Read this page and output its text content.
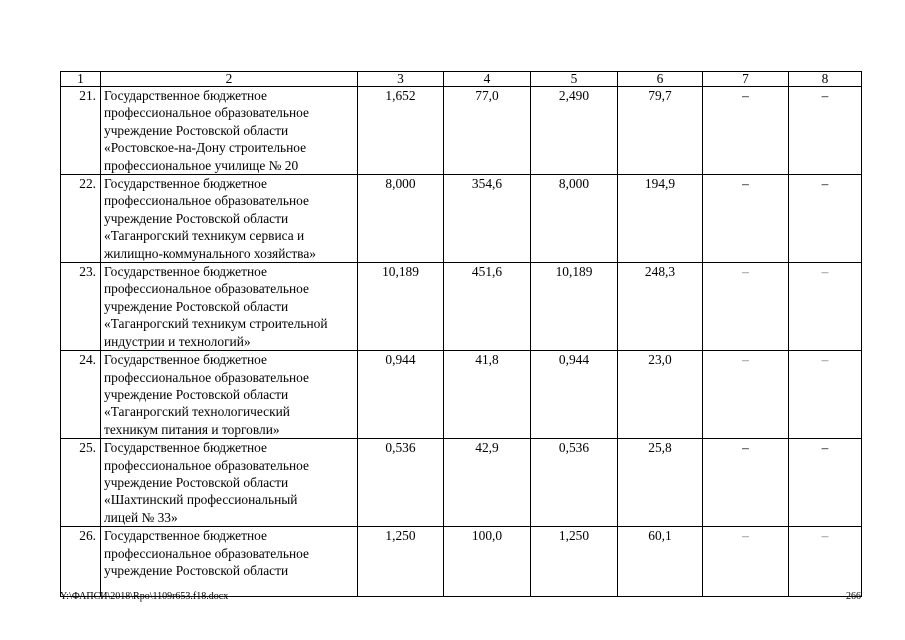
1	2	3	4	5	6	7	8
21.	Государственное бюджетное
профессиональное образовательное
учреждение Ростовской области
«Ростовское-на-Дону строительное
профессиональное училище № 20	1,652	77,0	2,490	79,7	–	–
22.	Государственное бюджетное
профессиональное образовательное
учреждение Ростовской области
«Таганрогский техникум сервиса и
жилищно-коммунального хозяйства»	8,000	354,6	8,000	194,9	–	–
23.	Государственное бюджетное
профессиональное образовательное
учреждение Ростовской области
«Таганрогский техникум строительной
индустрии и технологий»	10,189	451,6	10,189	248,3	–	–
24.	Государственное бюджетное
профессиональное образовательное
учреждение Ростовской области
«Таганрогский технологический
техникум питания и торговли»	0,944	41,8	0,944	23,0	–	–
25.	Государственное бюджетное
профессиональное образовательное
учреждение Ростовской области
«Шахтинский профессиональный
лицей № 33»	0,536	42,9	0,536	25,8	–	–
26.	Государственное бюджетное
профессиональное образовательное
учреждение Ростовской области	1,250	100,0	1,250	60,1	–	–
Y:\ФАПСИ\2018\Rpo\1109r653.f18.docx	266
